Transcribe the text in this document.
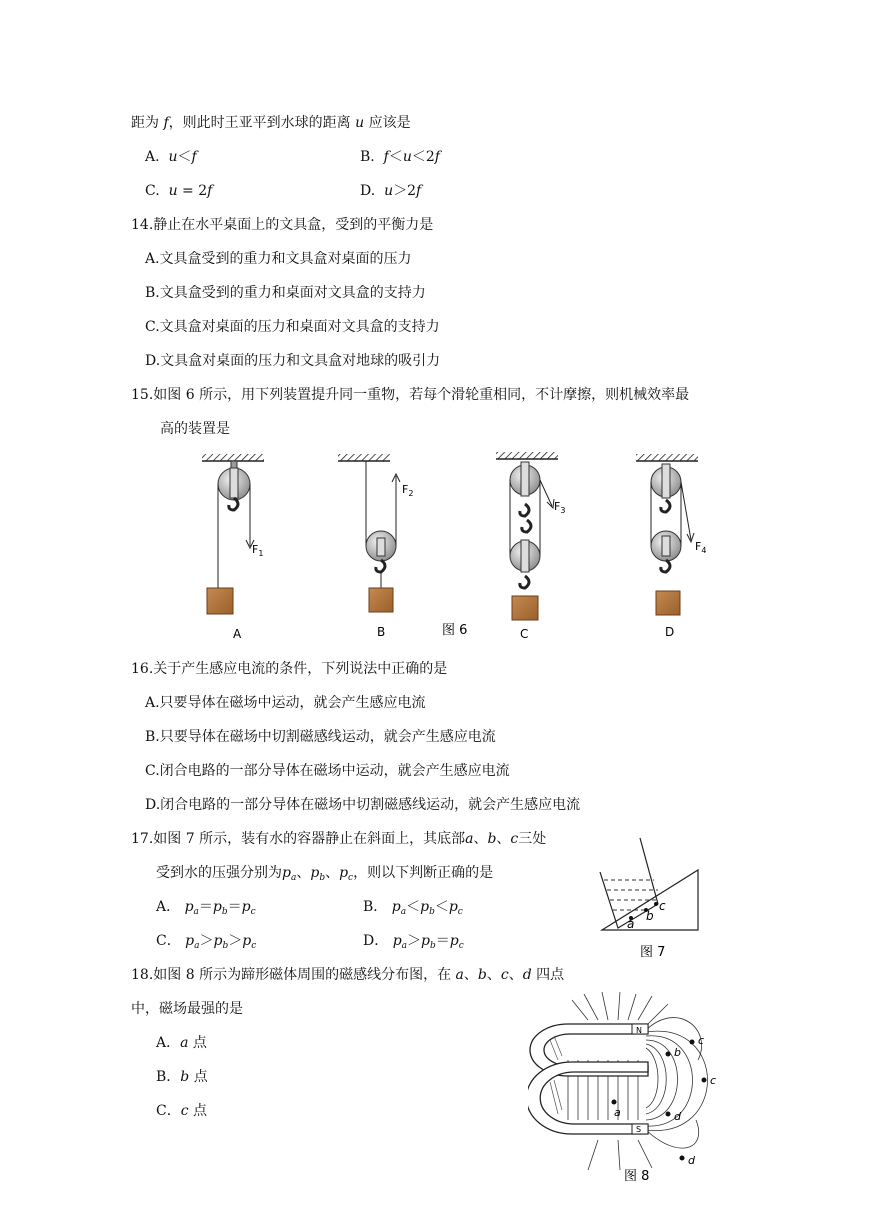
距为 f，则此时王亚平到水球的距离 u 应该是
A.  u＜f	B.  f＜u＜2f
C.  u = 2f	D.  u＞2f
14.静止在水平桌面上的文具盒，受到的平衡力是
A.文具盒受到的重力和文具盒对桌面的压力
B.文具盒受到的重力和桌面对文具盒的支持力
C.文具盒对桌面的压力和桌面对文具盒的支持力
D.文具盒对桌面的压力和文具盒对地球的吸引力
15.如图 6 所示，用下列装置提升同一重物，若每个滑轮重相同，不计摩擦，则机械效率最
高的装置是
$F_1$
A
$F_2$
B	图 6
$F_3$
C
$F_4$
D
16.关于产生感应电流的条件，下列说法中正确的是
A.只要导体在磁场中运动，就会产生感应电流
B.只要导体在磁场中切割磁感线运动，就会产生感应电流
C.闭合电路的一部分导体在磁场中运动，就会产生感应电流
D.闭合电路的一部分导体在磁场中切割磁感线运动，就会产生感应电流
17.如图 7 所示，装有水的容器静止在斜面上，其底部a、b、c三处
受到水的压强分别为$p_a$、$p_b$、$p_c$，则以下判断正确的是
A． $p_a=p_b=p_c$	B． $p_a<p_b<p_c$
C． $p_a>p_b>p_c$	D． $p_a>p_b=p_c$
a
b
c
图 7
18.如图 8 所示为蹄形磁体周围的磁感线分布图，在 a、b、c、d 四点
中，磁场最强的是
A．a 点
B．b 点
C．c 点
N
S
c
c
b
a	d
d
图 8
